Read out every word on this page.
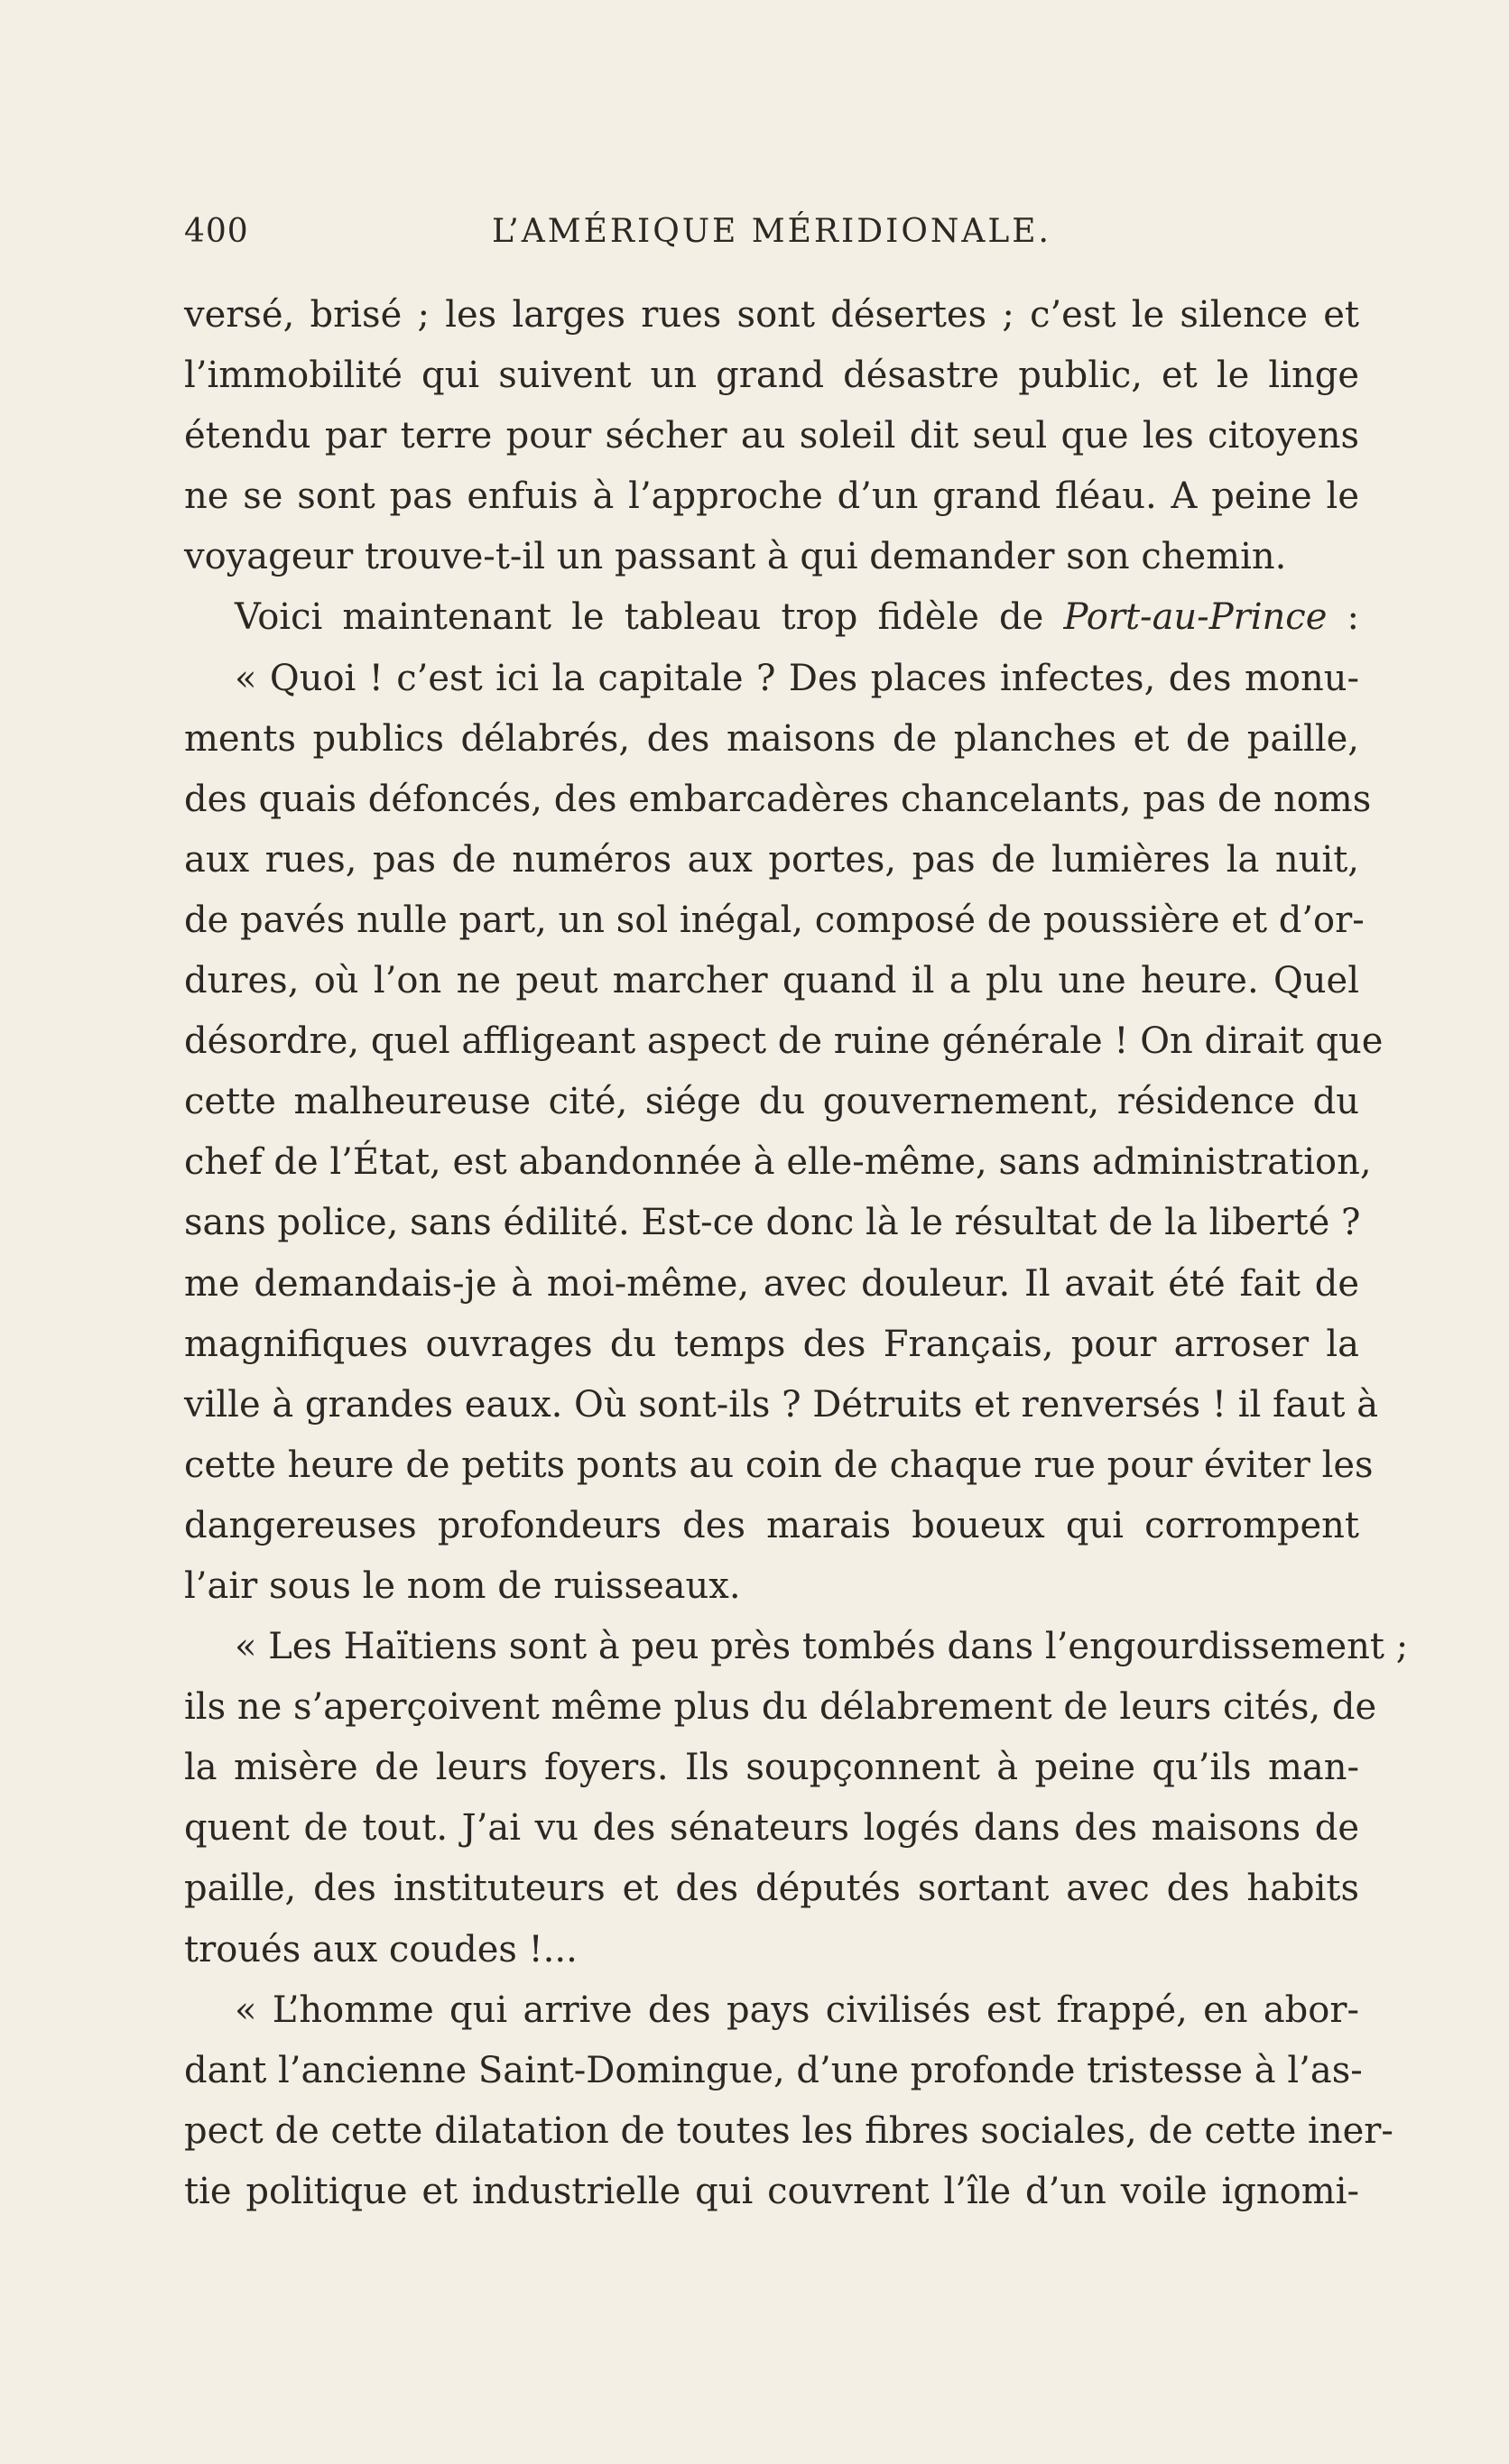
400	L’AMÉRIQUE MÉRIDIONALE.
versé, brisé ; les larges rues sont désertes ; c’est le silence et
l’immobilité qui suivent un grand désastre public, et le linge
étendu par terre pour sécher au soleil dit seul que les citoyens
ne se sont pas enfuis à l’approche d’un grand fléau. A peine le
voyageur trouve-t-il un passant à qui demander son chemin.
Voici maintenant le tableau trop fidèle de Port-au-Prince :
« Quoi ! c’est ici la capitale ? Des places infectes, des monu-
ments publics délabrés, des maisons de planches et de paille,
des quais défoncés, des embarcadères chancelants, pas de noms
aux rues, pas de numéros aux portes, pas de lumières la nuit,
de pavés nulle part, un sol inégal, composé de poussière et d’or-
dures, où l’on ne peut marcher quand il a plu une heure. Quel
désordre, quel affligeant aspect de ruine générale ! On dirait que
cette malheureuse cité, siége du gouvernement, résidence du
chef de l’État, est abandonnée à elle-même, sans administration,
sans police, sans édilité. Est-ce donc là le résultat de la liberté ?
me demandais-je à moi-même, avec douleur. Il avait été fait de
magnifiques ouvrages du temps des Français, pour arroser la
ville à grandes eaux. Où sont-ils ? Détruits et renversés ! il faut à
cette heure de petits ponts au coin de chaque rue pour éviter les
dangereuses profondeurs des marais boueux qui corrompent
l’air sous le nom de ruisseaux.
« Les Haïtiens sont à peu près tombés dans l’engourdissement ;
ils ne s’aperçoivent même plus du délabrement de leurs cités, de
la misère de leurs foyers. Ils soupçonnent à peine qu’ils man-
quent de tout. J’ai vu des sénateurs logés dans des maisons de
paille, des instituteurs et des députés sortant avec des habits
troués aux coudes !...
« L’homme qui arrive des pays civilisés est frappé, en abor-
dant l’ancienne Saint-Domingue, d’une profonde tristesse à l’as-
pect de cette dilatation de toutes les fibres sociales, de cette iner-
tie politique et industrielle qui couvrent l’île d’un voile ignomi-
